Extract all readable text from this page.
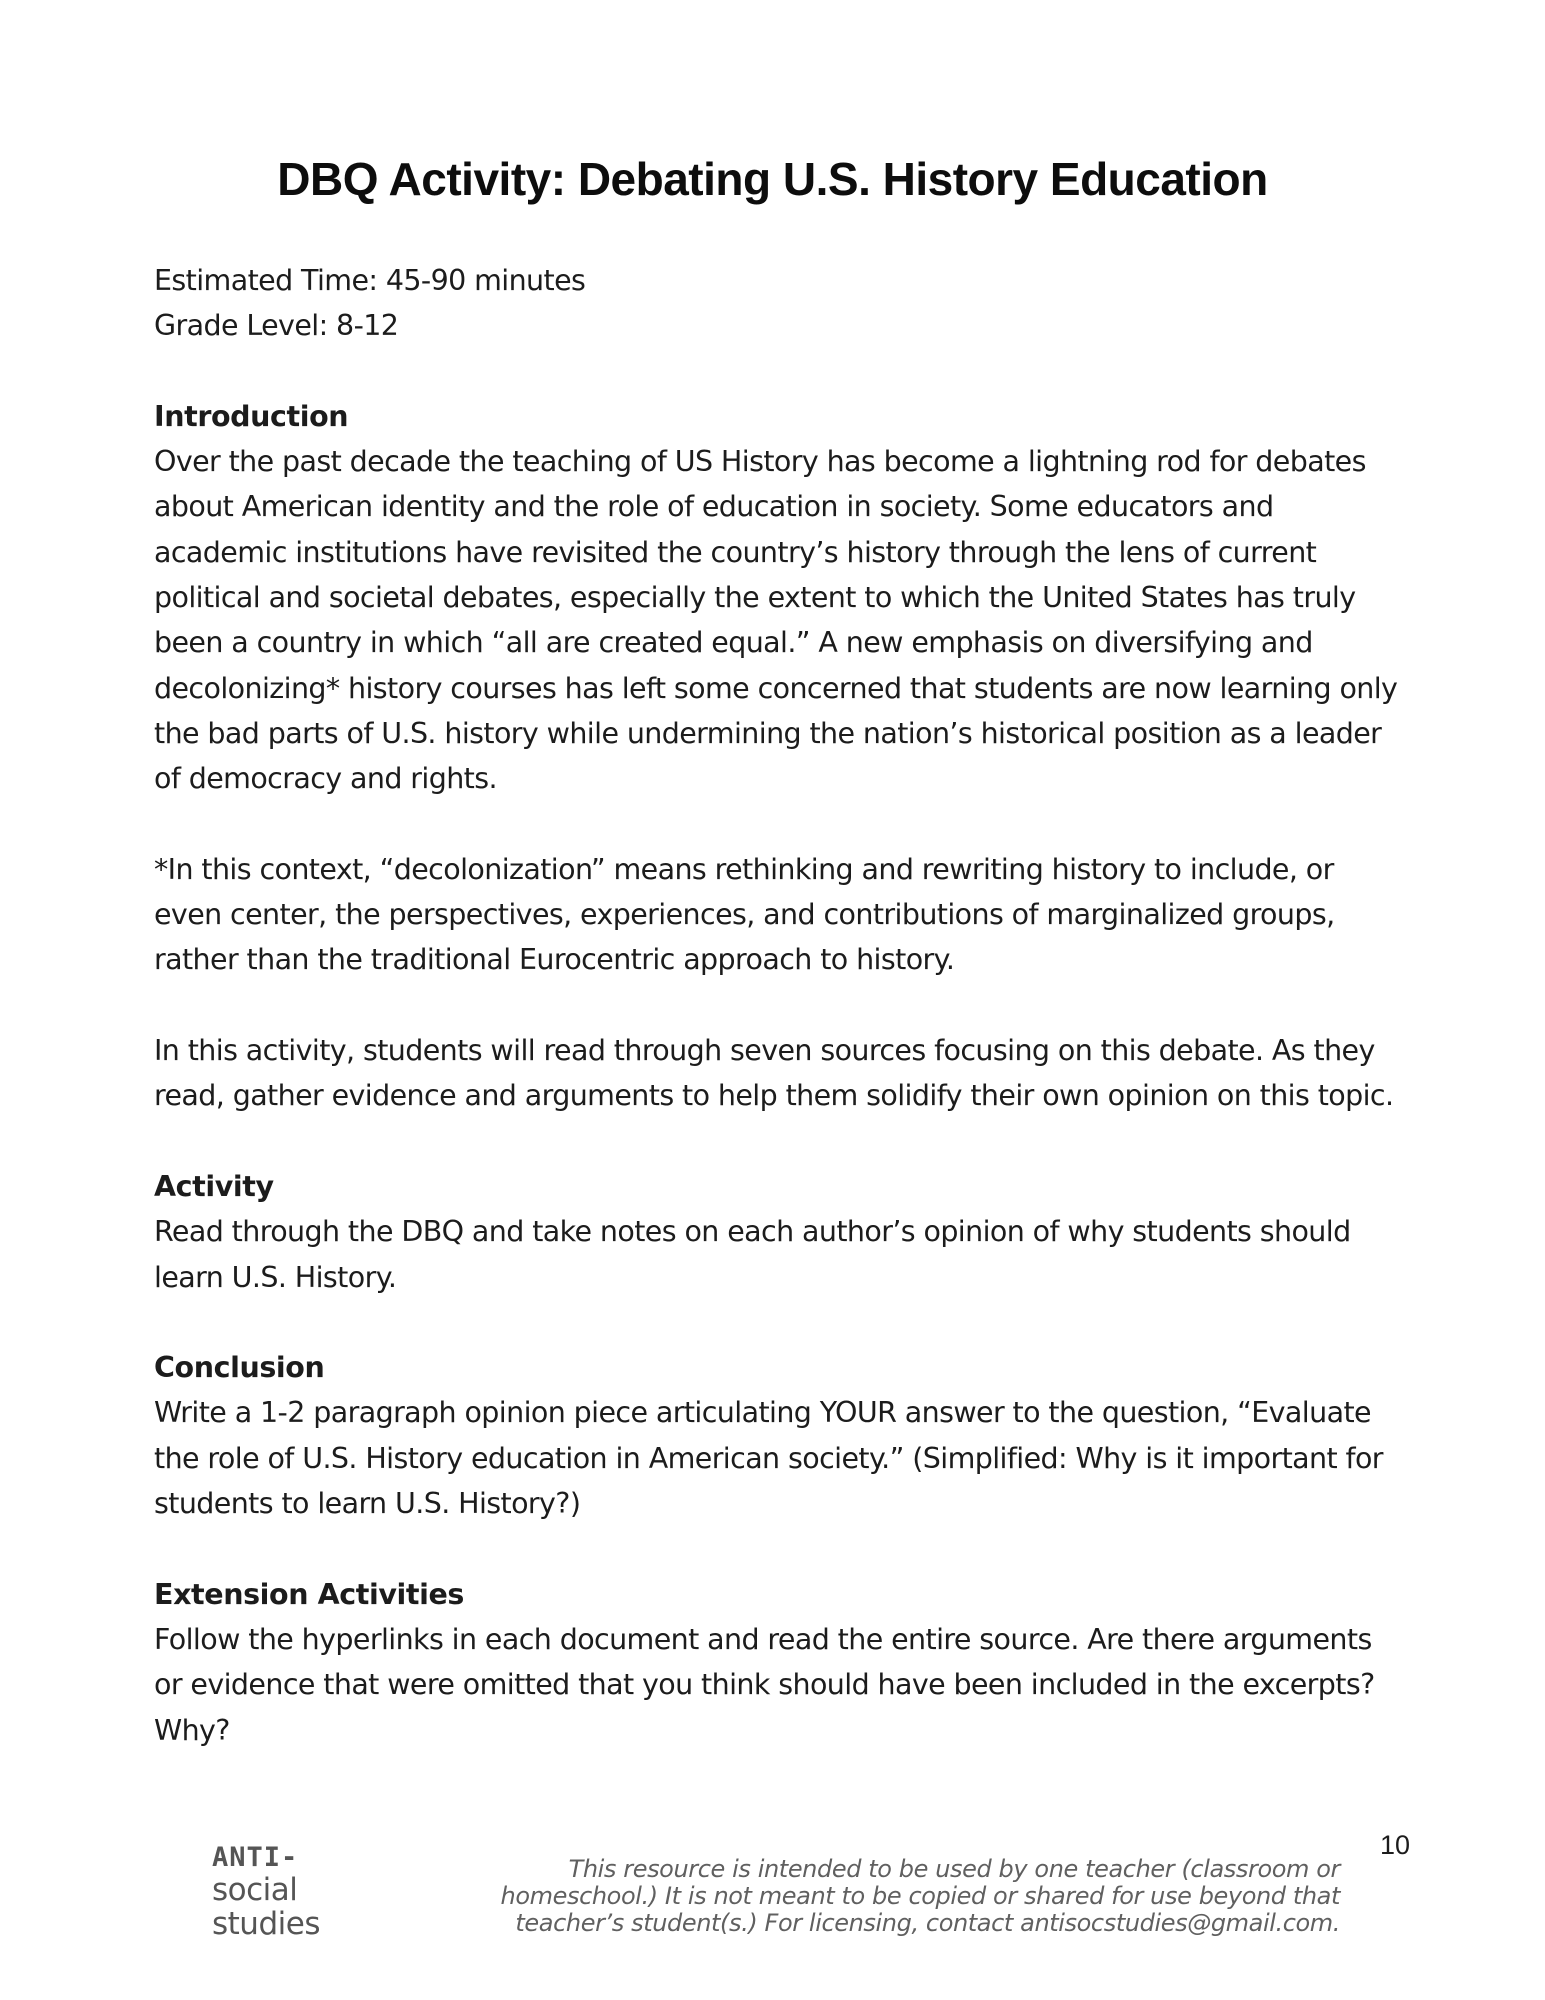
DBQ Activity: Debating U.S. History Education
Estimated Time: 45-90 minutes
Grade Level: 8-12
Introduction

Over the past decade the teaching of US History has become a lightning rod for debates about American identity and the role of education in society. Some educators and academic institutions have revisited the country’s history through the lens of current political and societal debates, especially the extent to which the United States has truly been a country in which “all are created equal.” A new emphasis on diversifying and decolonizing* history courses has left some concerned that students are now learning only the bad parts of U.S. history while undermining the nation’s historical position as a leader of democracy and rights.

*In this context, “decolonization” means rethinking and rewriting history to include, or even center, the perspectives, experiences, and contributions of marginalized groups, rather than the traditional Eurocentric approach to history.

In this activity, students will read through seven sources focusing on this debate. As they read, gather evidence and arguments to help them solidify their own opinion on this topic.

Activity

Read through the DBQ and take notes on each author’s opinion of why students should learn U.S. History.

Conclusion

Write a 1-2 paragraph opinion piece articulating YOUR answer to the question, “Evaluate the role of U.S. History education in American society.” (Simplified: Why is it important for students to learn U.S. History?)

Extension Activities

Follow the hyperlinks in each document and read the entire source. Are there arguments or evidence that were omitted that you think should have been included in the excerpts? Why?

ANTI-
social
studies
This resource is intended to be used by one teacher (classroom or homeschool.) It is not meant to be copied or shared for use beyond that teacher’s student(s.) For licensing, contact antisocstudies@gmail.com.
10
